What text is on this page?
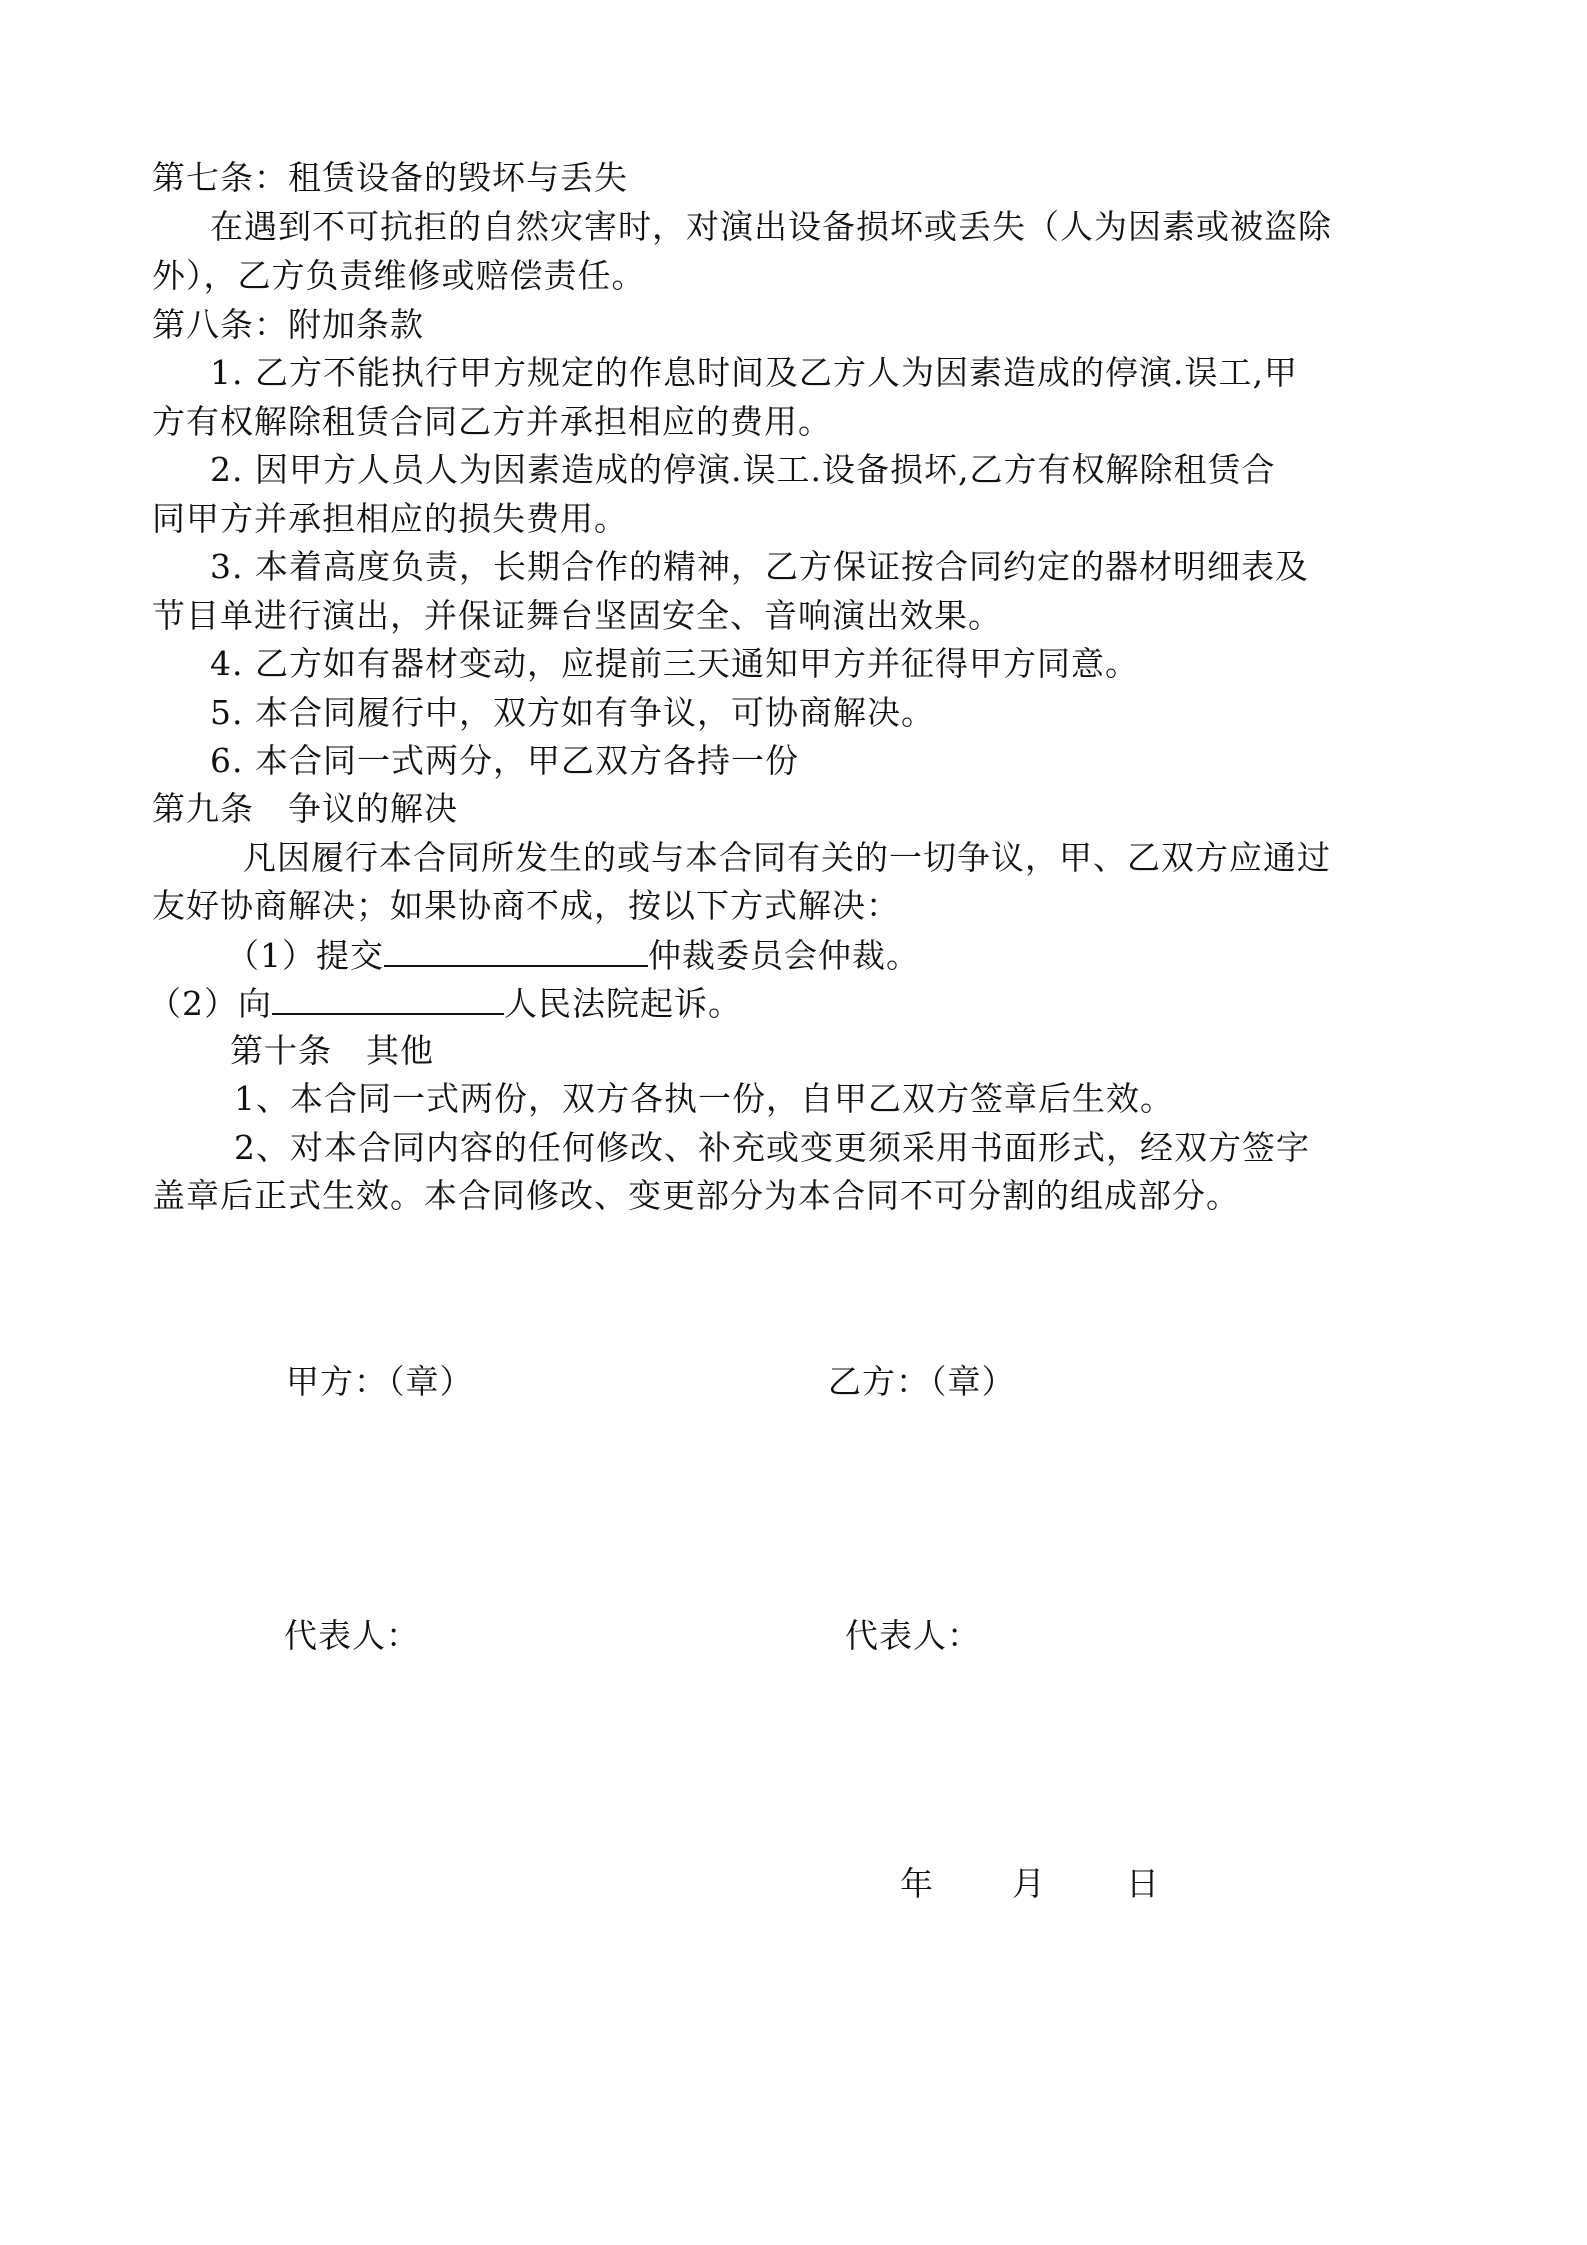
第七条：租赁设备的毁坏与丢失
在遇到不可抗拒的自然灾害时，对演出设备损坏或丢失（人为因素或被盗除
外），乙方负责维修或赔偿责任。
第八条：附加条款
1. 乙方不能执行甲方规定的作息时间及乙方人为因素造成的停演.误工,甲
方有权解除租赁合同乙方并承担相应的费用。
2. 因甲方人员人为因素造成的停演.误工.设备损坏,乙方有权解除租赁合
同甲方并承担相应的损失费用。
3. 本着高度负责，长期合作的精神，乙方保证按合同约定的器材明细表及
节目单进行演出，并保证舞台坚固安全、音响演出效果。
4. 乙方如有器材变动，应提前三天通知甲方并征得甲方同意。
5. 本合同履行中，双方如有争议，可协商解决。
6. 本合同一式两分，甲乙双方各持一份
第九条　争议的解决
凡因履行本合同所发生的或与本合同有关的一切争议，甲、乙双方应通过
友好协商解决；如果协商不成，按以下方式解决：
（1）提交	仲裁委员会仲裁。
（2）向	人民法院起诉。
第十条　其他
1、本合同一式两份，双方各执一份，自甲乙双方签章后生效。
2、对本合同内容的任何修改、补充或变更须采用书面形式，经双方签字
盖章后正式生效。本合同修改、变更部分为本合同不可分割的组成部分。
甲方：（章）	乙方：（章）
代表人：	代表人：
年 月 日
